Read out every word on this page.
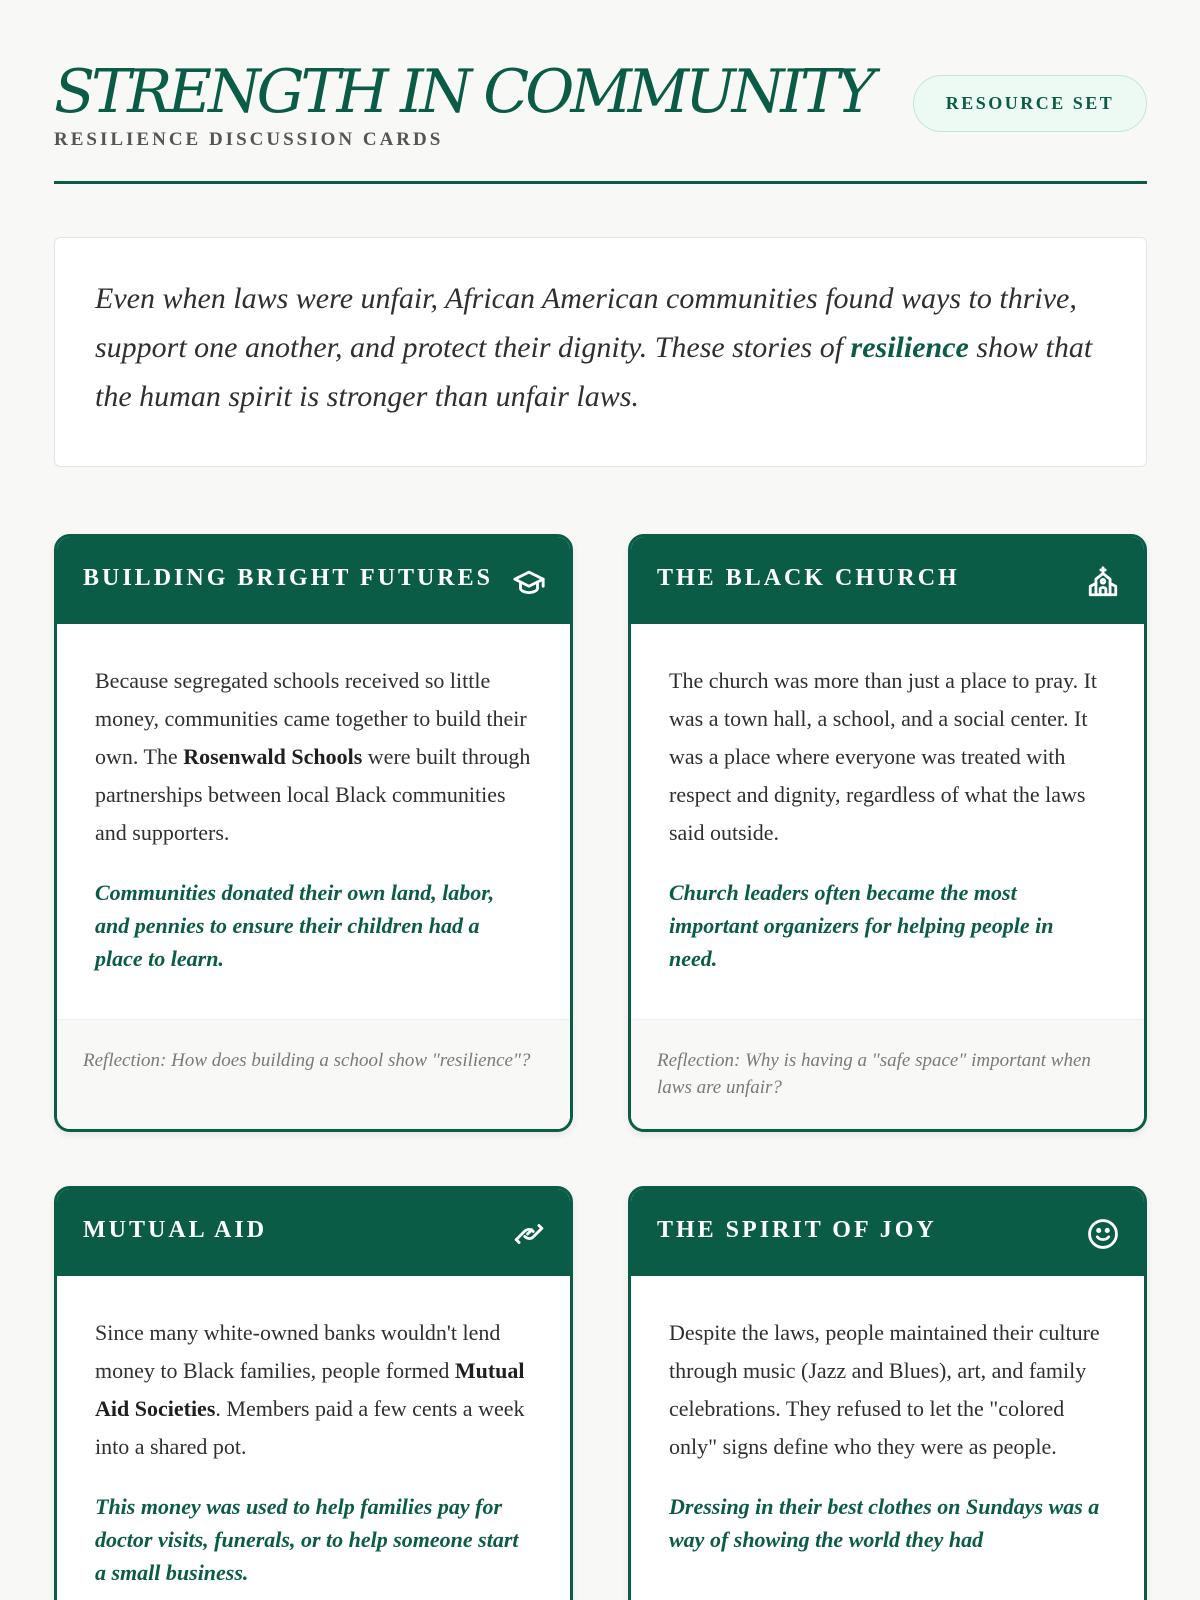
STRENGTH IN COMMUNITY
RESILIENCE DISCUSSION CARDS
RESOURCE SET
Even when laws were unfair, African American communities found ways to thrive, support one another, and protect their dignity. These stories of resilience show that the human spirit is stronger than unfair laws.
BUILDING BRIGHT FUTURES
Because segregated schools received so little money, communities came together to build their own. The Rosenwald Schools were built through partnerships between local Black communities and supporters.
Communities donated their own land, labor, and pennies to ensure their children had a place to learn.
Reflection: How does building a school show "resilience"?
THE BLACK CHURCH
The church was more than just a place to pray. It was a town hall, a school, and a social center. It was a place where everyone was treated with respect and dignity, regardless of what the laws said outside.
Church leaders often became the most important organizers for helping people in need.
Reflection: Why is having a "safe space" important when laws are unfair?
MUTUAL AID
Since many white-owned banks wouldn't lend money to Black families, people formed Mutual Aid Societies. Members paid a few cents a week into a shared pot.
This money was used to help families pay for doctor visits, funerals, or to help someone start a small business.
THE SPIRIT OF JOY
Despite the laws, people maintained their culture through music (Jazz and Blues), art, and family celebrations. They refused to let the "colored only" signs define who they were as people.
Dressing in their best clothes on Sundays was a way of showing the world they had
